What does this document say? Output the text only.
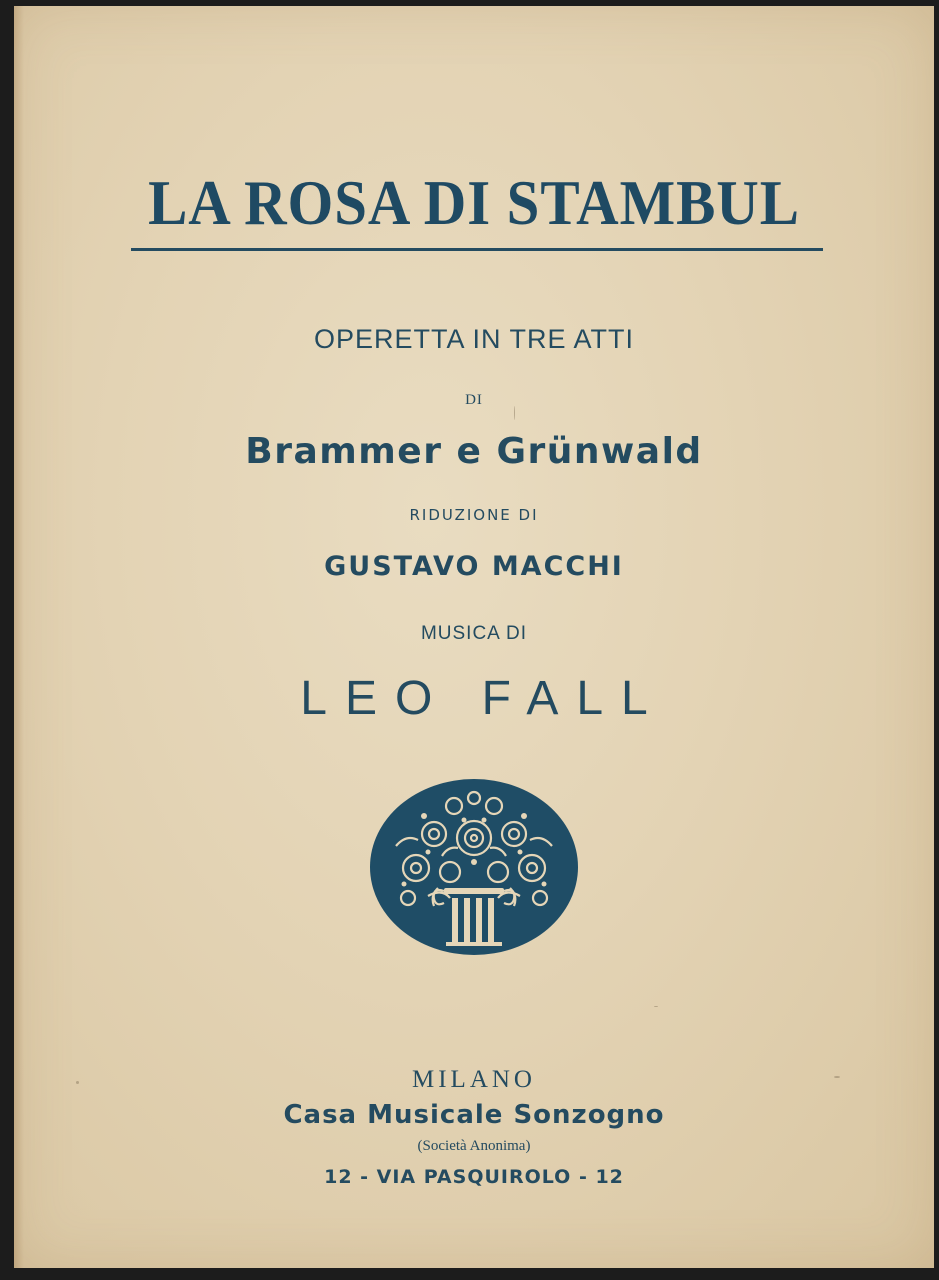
LA ROSA DI STAMBUL
OPERETTA IN TRE ATTI
DI
Brammer e Grünwald
RIDUZIONE DI
GUSTAVO MACCHI
MUSICA DI
LEO FALL
MILANO
Casa Musicale Sonzogno
(Società Anonima)
12 - VIA PASQUIROLO - 12
